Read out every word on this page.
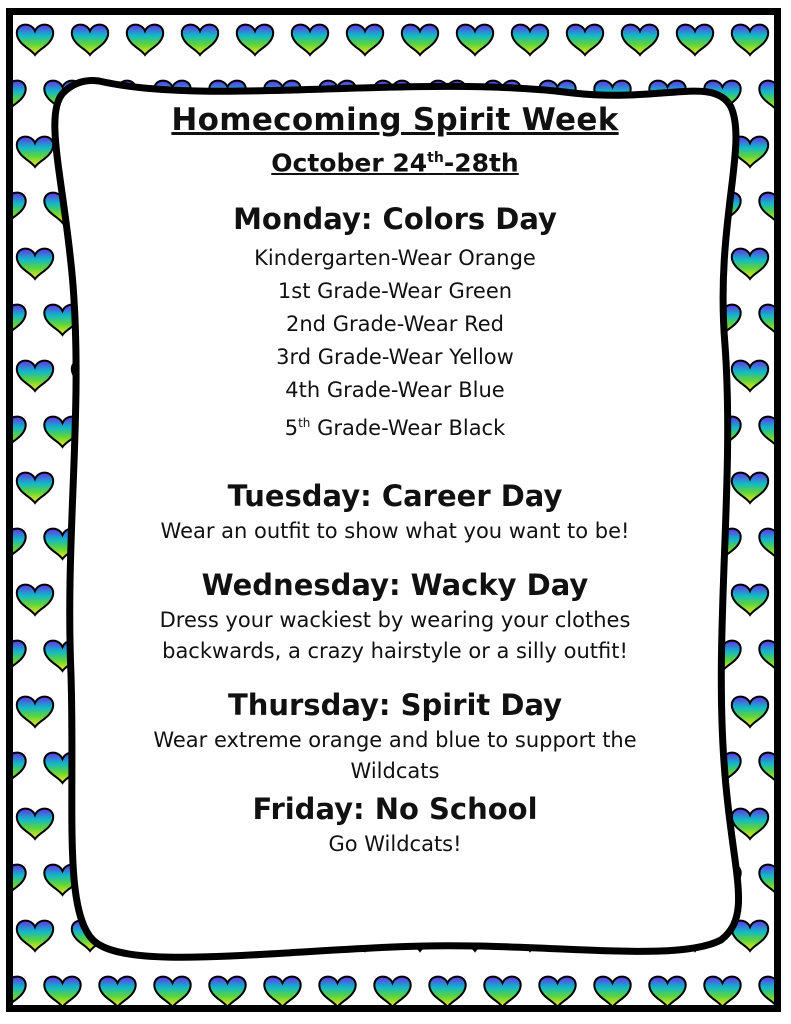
Homecoming Spirit Week

October 24th-28th

Monday: Colors Day

Kindergarten-Wear Orange

1st Grade-Wear Green

2nd Grade-Wear Red

3rd Grade-Wear Yellow

4th Grade-Wear Blue

5th Grade-Wear Black

Tuesday: Career Day

Wear an outfit to show what you want to be!

Wednesday: Wacky Day

Dress your wackiest by wearing your clothes

backwards, a crazy hairstyle or a silly outfit!

Thursday: Spirit Day

Wear extreme orange and blue to support the

Wildcats

Friday: No School

Go Wildcats!
